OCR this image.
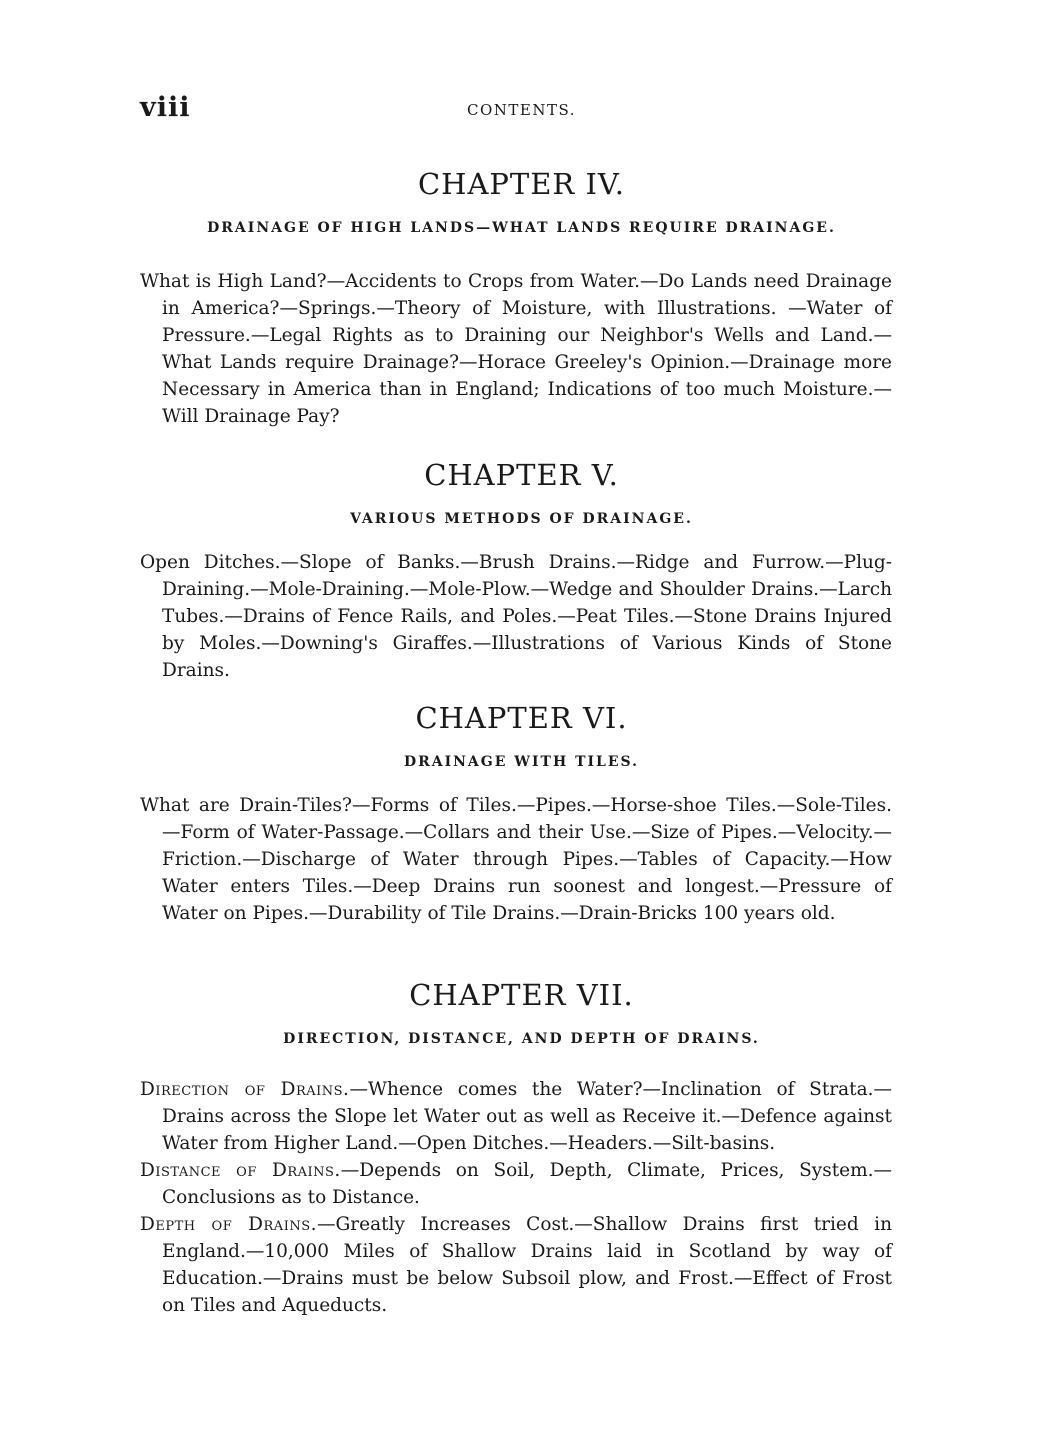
viii	CONTENTS.
CHAPTER IV.
DRAINAGE OF HIGH LANDS—WHAT LANDS REQUIRE DRAINAGE.

What is High Land?—Accidents to Crops from Water.—Do Lands need Drainage in America?—Springs.—Theory of Moisture, with Illustrations. —Water of Pressure.—Legal Rights as to Draining our Neighbor's Wells and Land.—What Lands require Drainage?—Horace Greeley's Opinion.—Drainage more Necessary in America than in England; Indications of too much Moisture.—Will Drainage Pay?

CHAPTER V.
VARIOUS METHODS OF DRAINAGE.

Open Ditches.—Slope of Banks.—Brush Drains.—Ridge and Furrow.—Plug-Draining.—Mole-Draining.—Mole-Plow.—Wedge and Shoulder Drains.—Larch Tubes.—Drains of Fence Rails, and Poles.—Peat Tiles.—Stone Drains Injured by Moles.—Downing's Giraffes.—Illustrations of Various Kinds of Stone Drains.

CHAPTER VI.
DRAINAGE WITH TILES.

What are Drain-Tiles?—Forms of Tiles.—Pipes.—Horse-shoe Tiles.—Sole-Tiles.—Form of Water-Passage.—Collars and their Use.—Size of Pipes.—Velocity.—Friction.—Discharge of Water through Pipes.—Tables of Capacity.—How Water enters Tiles.—Deep Drains run soonest and longest.—Pressure of Water on Pipes.—Durability of Tile Drains.—Drain-Bricks 100 years old.

CHAPTER VII.
DIRECTION, DISTANCE, AND DEPTH OF DRAINS.

Direction of Drains.—Whence comes the Water?—Inclination of Strata.—Drains across the Slope let Water out as well as Receive it.—Defence against Water from Higher Land.—Open Ditches.—Headers.—Silt-basins.

Distance of Drains.—Depends on Soil, Depth, Climate, Prices, System.—Conclusions as to Distance.

Depth of Drains.—Greatly Increases Cost.—Shallow Drains first tried in England.—10,000 Miles of Shallow Drains laid in Scotland by way of Education.—Drains must be below Subsoil plow, and Frost.—Effect of Frost on Tiles and Aqueducts.
